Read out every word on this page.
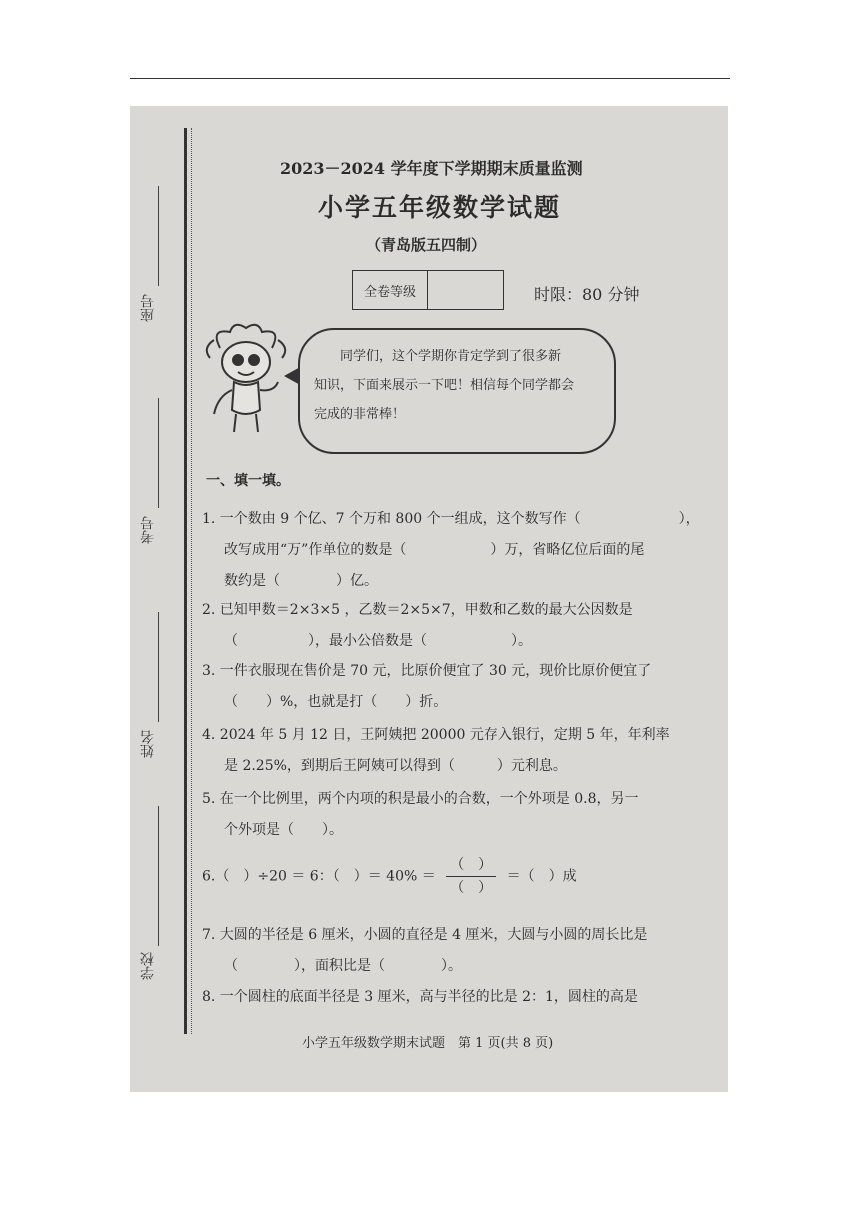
座号
考号
姓名
学校
2023－2024 学年度下学期期末质量监测
小学五年级数学试题
（青岛版五四制）
全卷等级	时限：80 分钟
同学们，这个学期你肯定学到了很多新
知识，下面来展示一下吧！相信每个同学都会
完成的非常棒！
一、填一填。
1. 一个数由 9 个亿、7 个万和 800 个一组成，这个数写作（　　　　　　　），
改写成用“万”作单位的数是（　　　　　　）万，省略亿位后面的尾
数约是（　　　　）亿。
2. 已知甲数＝2×3×5 ，乙数＝2×5×7，甲数和乙数的最大公因数是
（　　　　　），最小公倍数是（　　　　　　）。
3. 一件衣服现在售价是 70 元，比原价便宜了 30 元，现价比原价便宜了
（　　）%，也就是打（　　）折。
4. 2024 年 5 月 12 日，王阿姨把 20000 元存入银行，定期 5 年，年利率
是 2.25%，到期后王阿姨可以得到（　　　）元利息。
5. 在一个比例里，两个内项的积是最小的合数，一个外项是 0.8，另一
个外项是（　　）。
6.（　）÷20 ＝ 6：（　）＝ $40\% = \frac{( )}{( )}$ ＝（　）成
7. 大圆的半径是 6 厘米，小圆的直径是 4 厘米，大圆与小圆的周长比是
（　　　　），面积比是（　　　　）。
8. 一个圆柱的底面半径是 3 厘米，高与半径的比是 2：1，圆柱的高是
小学五年级数学期末试题　第 1 页(共 8 页)
